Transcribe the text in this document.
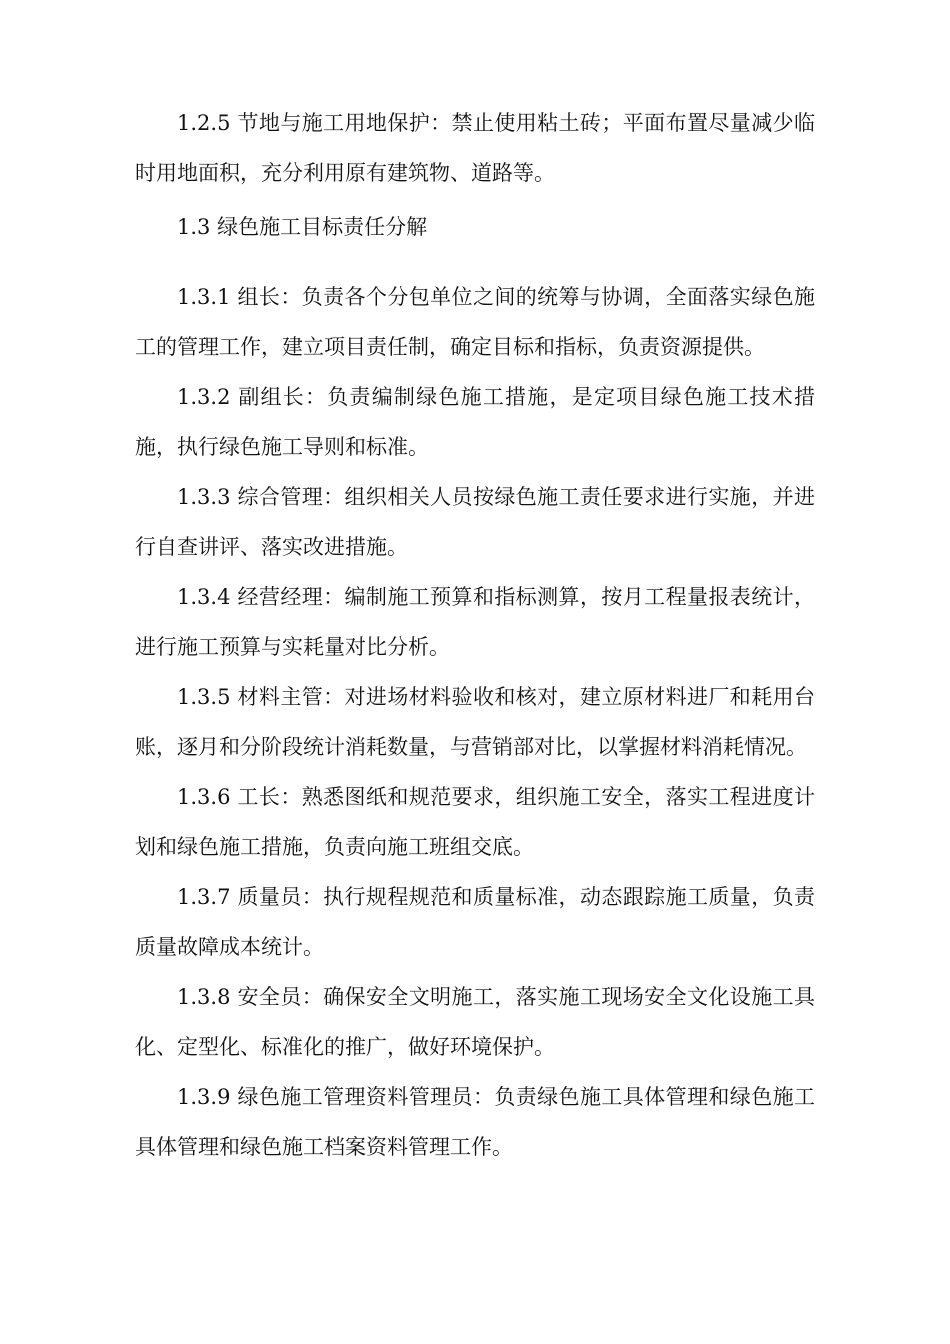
1.2.5 节地与施工用地保护：禁止使用粘土砖；平面布置尽量减少临时用地面积，充分利用原有建筑物、道路等。

1.3 绿色施工目标责任分解

1.3.1 组长：负责各个分包单位之间的统筹与协调，全面落实绿色施工的管理工作，建立项目责任制，确定目标和指标，负责资源提供。

1.3.2 副组长：负责编制绿色施工措施，是定项目绿色施工技术措施，执行绿色施工导则和标准。

1.3.3 综合管理：组织相关人员按绿色施工责任要求进行实施，并进行自查讲评、落实改进措施。

1.3.4 经营经理：编制施工预算和指标测算，按月工程量报表统计，进行施工预算与实耗量对比分析。

1.3.5 材料主管：对进场材料验收和核对，建立原材料进厂和耗用台账，逐月和分阶段统计消耗数量，与营销部对比，以掌握材料消耗情况。

1.3.6 工长：熟悉图纸和规范要求，组织施工安全，落实工程进度计划和绿色施工措施，负责向施工班组交底。

1.3.7 质量员：执行规程规范和质量标准，动态跟踪施工质量，负责质量故障成本统计。

1.3.8 安全员：确保安全文明施工，落实施工现场安全文化设施工具化、定型化、标准化的推广，做好环境保护。

1.3.9 绿色施工管理资料管理员：负责绿色施工具体管理和绿色施工具体管理和绿色施工档案资料管理工作。
